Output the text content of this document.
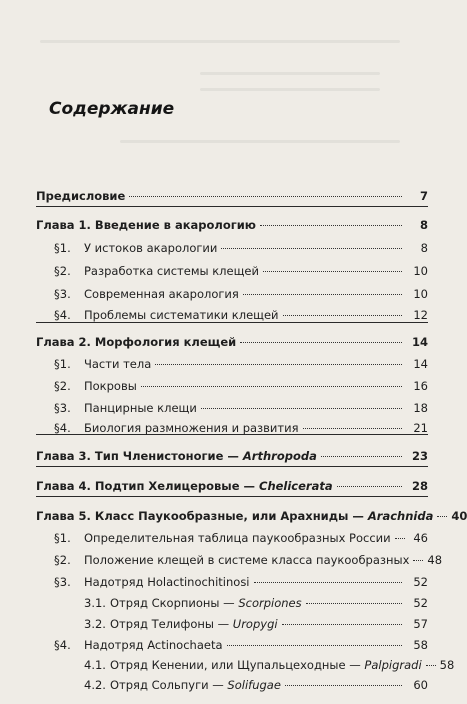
Содержание
Предисловие	7
Глава 1. Введение в акарологию	8
§1. У истоков акарологии	8
§2. Разработка системы клещей	10
§3. Современная акарология	10
§4. Проблемы систематики клещей	12
Глава 2. Морфология клещей	14
§1. Части тела	14
§2. Покровы	16
§3. Панцирные клещи	18
§4. Биология размножения и развития	21
Глава 3. Тип Членистоногие — Arthropoda	23
Глава 4. Подтип Хелицеровые — Chelicerata	28
Глава 5. Класс Паукообразные, или Арахниды — Arachnida 40
§1. Определительная таблица паукообразных России	46
§2. Положение клещей в системе класса паукообразных 48
§3. Надотряд Holactinochitinosi	52
3.1. Отряд Скорпионы — Scorpiones	52
3.2. Отряд Телифоны — Uropygi	57
§4. Надотряд Actinochaeta	58
4.1. Отряд Кенении, или Щупальцеходные — Palpigradi 58
4.2. Отряд Сольпуги — Solifugae	60
